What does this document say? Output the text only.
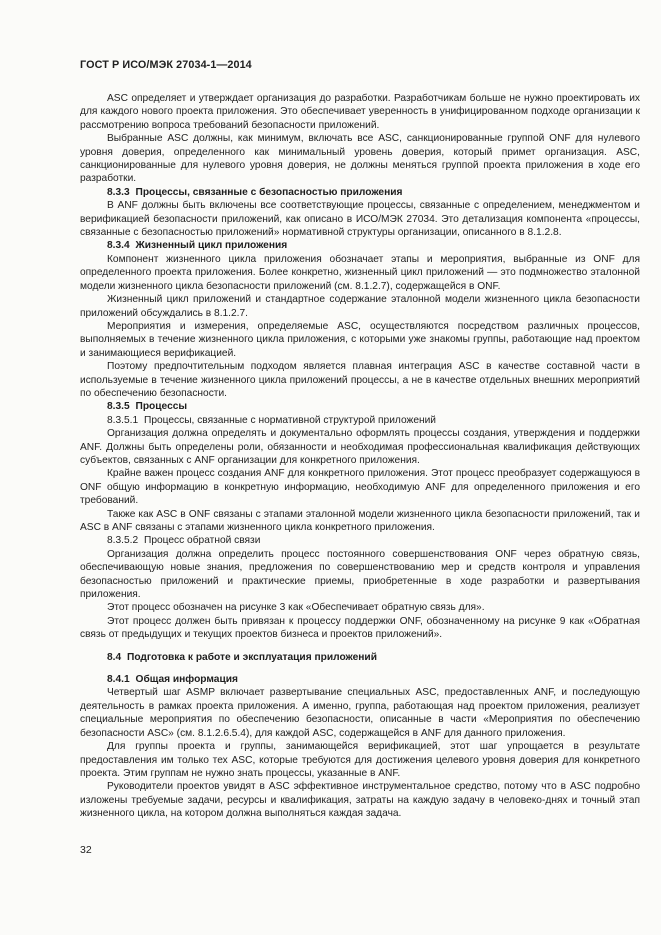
ГОСТ Р ИСО/МЭК 27034-1—2014

ASC определяет и утверждает организация до разработки. Разработчикам больше не нужно проектировать их для каждого нового проекта приложения. Это обеспечивает уверенность в унифицированном подходе организации к рассмотрению вопроса требований безопасности приложений.

Выбранные ASC должны, как минимум, включать все ASC, санкционированные группой ONF для нулевого уровня доверия, определенного как минимальный уровень доверия, который примет организация. ASC, санкционированные для нулевого уровня доверия, не должны меняться группой проекта приложения в ходе его разработки.

8.3.3 Процессы, связанные с безопасностью приложения

В ANF должны быть включены все соответствующие процессы, связанные с определением, менеджментом и верификацией безопасности приложений, как описано в ИСО/МЭК 27034. Это детализация компонента «процессы, связанные с безопасностью приложений» нормативной структуры организации, описанного в 8.1.2.8.

8.3.4 Жизненный цикл приложения

Компонент жизненного цикла приложения обозначает этапы и мероприятия, выбранные из ONF для определенного проекта приложения. Более конкретно, жизненный цикл приложений — это подмножество эталонной модели жизненного цикла безопасности приложений (см. 8.1.2.7), содержащейся в ONF.

Жизненный цикл приложений и стандартное содержание эталонной модели жизненного цикла безопасности приложений обсуждались в 8.1.2.7.

Мероприятия и измерения, определяемые ASC, осуществляются посредством различных процессов, выполняемых в течение жизненного цикла приложения, с которыми уже знакомы группы, работающие над проектом и занимающиеся верификацией.

Поэтому предпочтительным подходом является плавная интеграция ASC в качестве составной части в используемые в течение жизненного цикла приложений процессы, а не в качестве отдельных внешних мероприятий по обеспечению безопасности.

8.3.5 Процессы
8.3.5.1 Процессы, связанные с нормативной структурой приложений

Организация должна определять и документально оформлять процессы создания, утверждения и поддержки ANF. Должны быть определены роли, обязанности и необходимая профессиональная квалификация действующих субъектов, связанных с ANF организации для конкретного приложения.

Крайне важен процесс создания ANF для конкретного приложения. Этот процесс преобразует содержащуюся в ONF общую информацию в конкретную информацию, необходимую ANF для определенного приложения и его требований.

Также как ASC в ONF связаны с этапами эталонной модели жизненного цикла безопасности приложений, так и ASC в ANF связаны с этапами жизненного цикла конкретного приложения.

8.3.5.2 Процесс обратной связи

Организация должна определить процесс постоянного совершенствования ONF через обратную связь, обеспечивающую новые знания, предложения по совершенствованию мер и средств контроля и управления безопасностью приложений и практические приемы, приобретенные в ходе разработки и развертывания приложения.

Этот процесс обозначен на рисунке 3 как «Обеспечивает обратную связь для».

Этот процесс должен быть привязан к процессу поддержки ONF, обозначенному на рисунке 9 как «Обратная связь от предыдущих и текущих проектов бизнеса и проектов приложений».

8.4 Подготовка к работе и эксплуатация приложений
8.4.1 Общая информация

Четвертый шаг ASMP включает развертывание специальных ASC, предоставленных ANF, и последующую деятельность в рамках проекта приложения. А именно, группа, работающая над проектом приложения, реализует специальные мероприятия по обеспечению безопасности, описанные в части «Мероприятия по обеспечению безопасности ASC» (см. 8.1.2.6.5.4), для каждой ASC, содержащейся в ANF для данного приложения.

Для группы проекта и группы, занимающейся верификацией, этот шаг упрощается в результате предоставления им только тех ASC, которые требуются для достижения целевого уровня доверия для конкретного проекта. Этим группам не нужно знать процессы, указанные в ANF.

Руководители проектов увидят в ASC эффективное инструментальное средство, потому что в ASC подробно изложены требуемые задачи, ресурсы и квалификация, затраты на каждую задачу в человеко-днях и точный этап жизненного цикла, на котором должна выполняться каждая задача.

32
